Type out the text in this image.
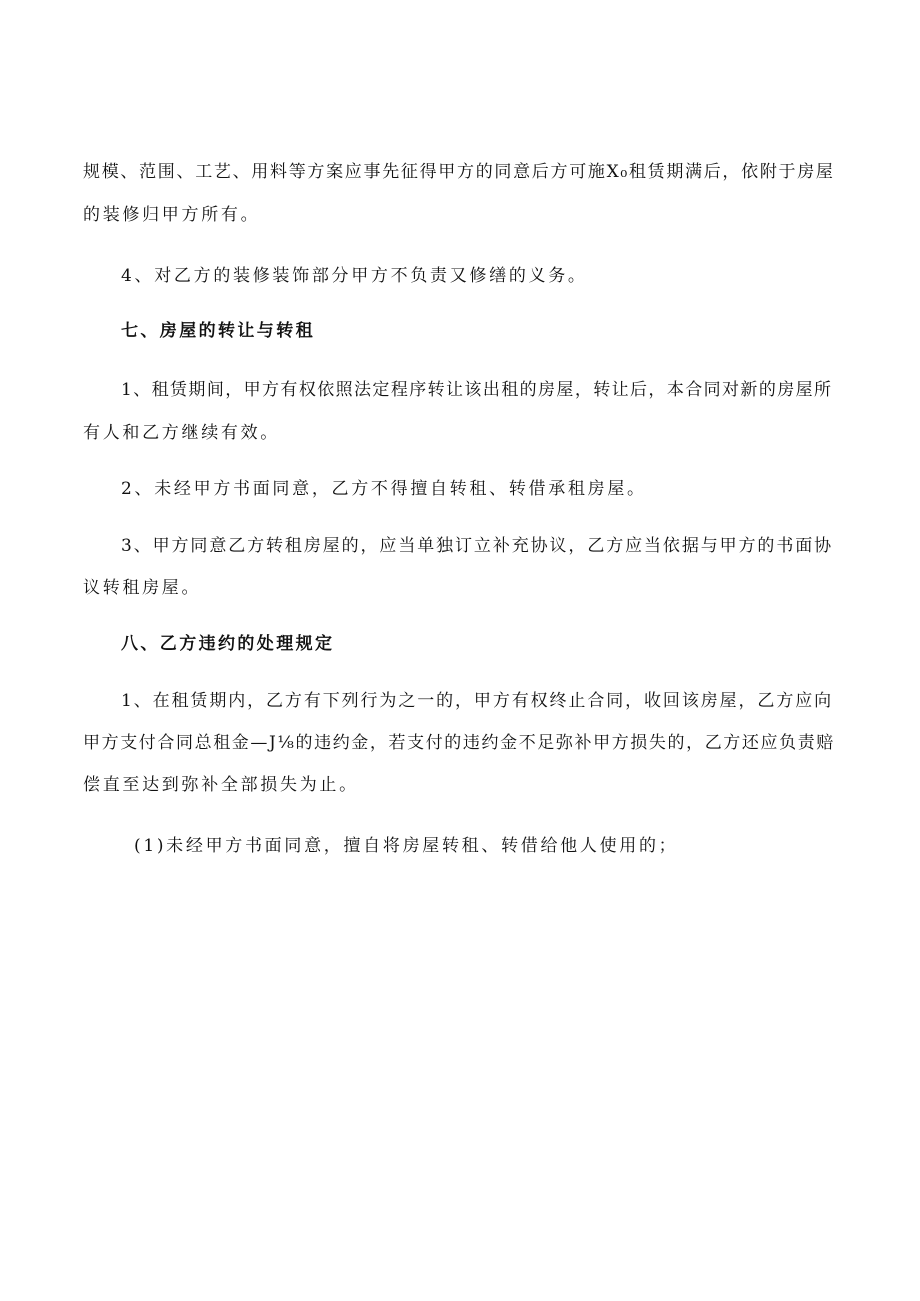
规模、范围、工艺、用料等方案应事先征得甲方的同意后方可施X₀租赁期满后，依附于房屋
的装修归甲方所有。
4、对乙方的装修装饰部分甲方不负责又修缮的义务。
七、房屋的转让与转租
1、租赁期间，甲方有权依照法定程序转让该出租的房屋，转让后，本合同对新的房屋所
有人和乙方继续有效。
2、未经甲方书面同意，乙方不得擅自转租、转借承租房屋。
3、甲方同意乙方转租房屋的，应当单独订立补充协议，乙方应当依据与甲方的书面协
议转租房屋。
八、乙方违约的处理规定
1、在租赁期内，乙方有下列行为之一的，甲方有权终止合同，收回该房屋，乙方应向
甲方支付合同总租金—J⅛的违约金，若支付的违约金不足弥补甲方损失的，乙方还应负责赔
偿直至达到弥补全部损失为止。
(1)未经甲方书面同意，擅自将房屋转租、转借给他人使用的；
